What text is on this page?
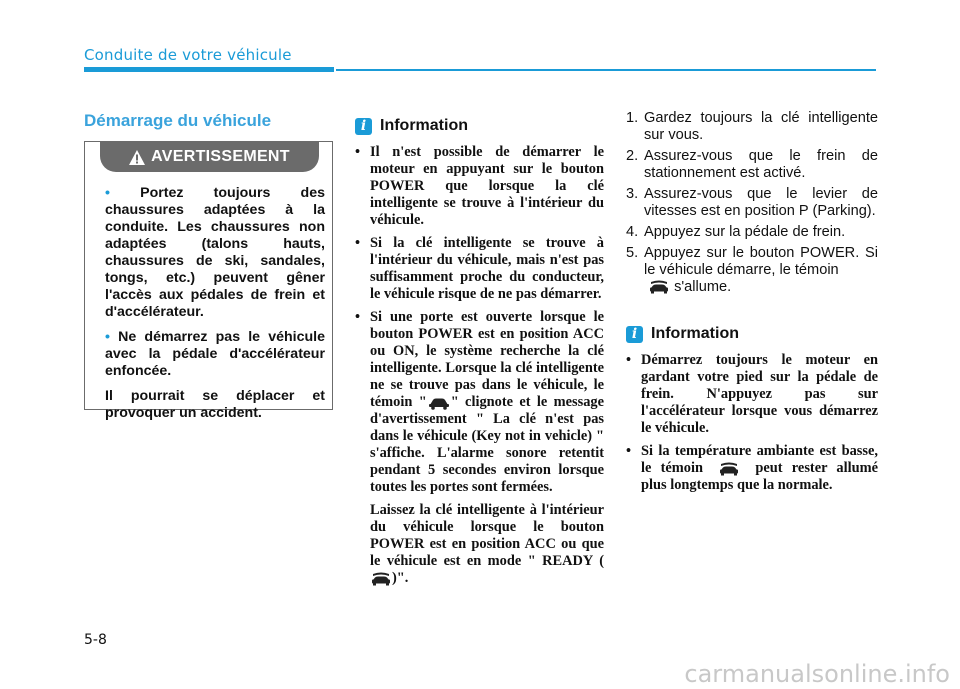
Conduite de votre véhicule
Démarrage du véhicule
AVERTISSEMENT
• Portez toujours des chaussures adaptées à la conduite. Les chaussures non adaptées (talons hauts, chaussures de ski, sandales, tongs, etc.) peuvent gêner l'accès aux pédales de frein et d'accélérateur.
• Ne démarrez pas le véhicule avec la pédale d'accélérateur enfoncée.
Il pourrait se déplacer et provoquer un accident.
i Information
• Il n'est possible de démarrer le moteur en appuyant sur le bouton POWER que lorsque la clé intelligente se trouve à l'intérieur du véhicule.
• Si la clé intelligente se trouve à l'intérieur du véhicule, mais n'est pas suffisamment proche du conducteur, le véhicule risque de ne pas démarrer.
• Si une porte est ouverte lorsque le bouton POWER est en position ACC ou ON, le système recherche la clé intelligente. Lorsque la clé intelligente ne se trouve pas dans le véhicule, le témoin " " clignote et le message d'avertissement " La clé n'est pas dans le véhicule (Key not in vehicle) " s'affiche. L'alarme sonore retentit pendant 5 secondes environ lorsque toutes les portes sont fermées.
Laissez la clé intelligente à l'intérieur du véhicule lorsque le bouton POWER est en position ACC ou que le véhicule est en mode " READY ()".
1. Gardez toujours la clé intelligente sur vous.
2. Assurez-vous que le frein de stationnement est activé.
3. Assurez-vous que le levier de vitesses est en position P (Parking).
4. Appuyez sur la pédale de frein.
5. Appuyez sur le bouton POWER. Si le véhicule démarre, le témoin
s'allume.
i Information
• Démarrez toujours le moteur en gardant votre pied sur la pédale de frein. N'appuyez pas sur l'accélérateur lorsque vous démarrez le véhicule.
• Si la température ambiante est basse, le témoin	peut rester allumé plus longtemps que la normale.
5-8
carmanualsonline.info
